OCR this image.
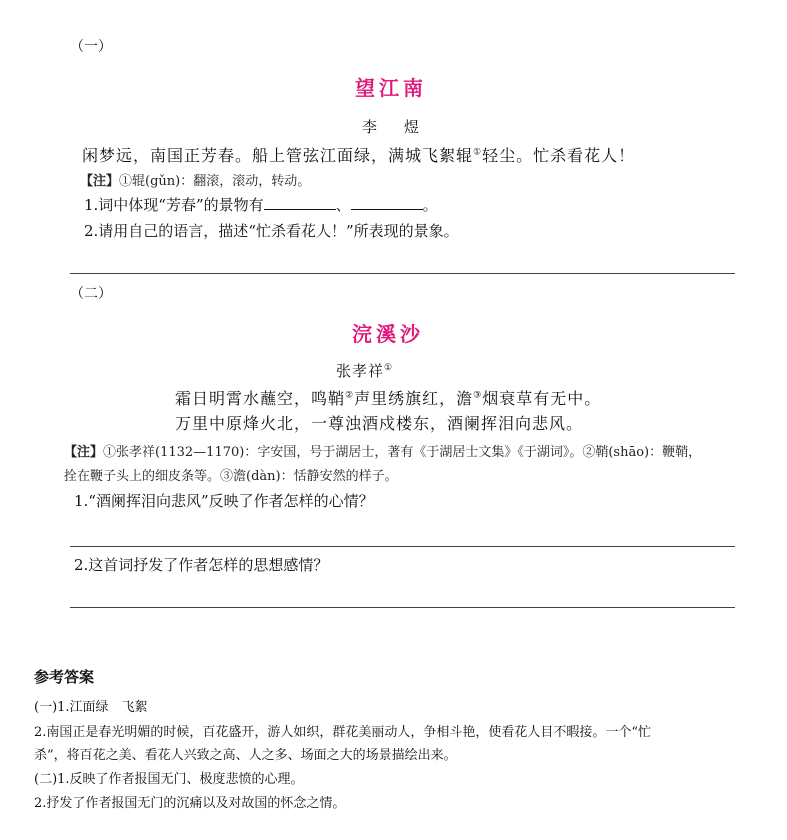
（一）
望江南
李　煜
闲梦远，南国正芳春。船上管弦江面绿，满城飞絮辊①轻尘。忙杀看花人！
【注】①辊(gǔn)：翻滚，滚动，转动。
1.词中体现“芳春”的景物有	、	。
2.请用自己的语言，描述“忙杀看花人！”所表现的景象。
（二）
浣溪沙
张孝祥①
霜日明霄水蘸空，鸣鞘②声里绣旗红，澹③烟衰草有无中。
万里中原烽火北，一尊浊酒戍楼东，酒阑挥泪向悲风。
【注】①张孝祥(1132—1170)：字安国，号于湖居士，著有《于湖居士文集》《于湖词》。②鞘(shāo)：鞭鞘，
拴在鞭子头上的细皮条等。③澹(dàn)：恬静安然的样子。
1.“酒阑挥泪向悲风”反映了作者怎样的心情？
2.这首词抒发了作者怎样的思想感情？
参考答案
(一)1.江面绿　飞絮
2.南国正是春光明媚的时候，百花盛开，游人如织，群花美丽动人，争相斗艳，使看花人目不暇接。一个“忙
杀”，将百花之美、看花人兴致之高、人之多、场面之大的场景描绘出来。
(二)1.反映了作者报国无门、极度悲愤的心理。
2.抒发了作者报国无门的沉痛以及对故国的怀念之情。
